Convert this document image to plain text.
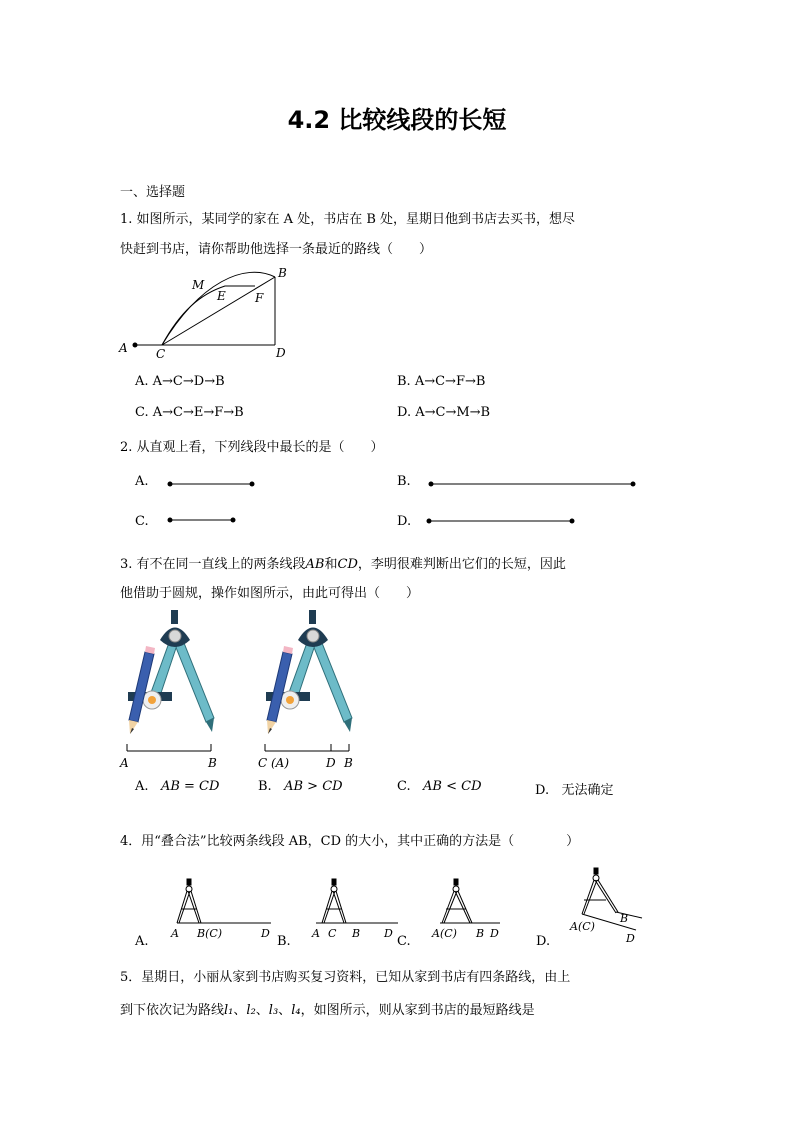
4.2 比较线段的长短
一、选择题
1. 如图所示，某同学的家在 A 处，书店在 B 处，星期日他到书店去买书，想尽
快赶到书店，请你帮助他选择一条最近的路线（　　）
A
B
C	D
M
E F
A. A→C→D→B	B. A→C→F→B
C. A→C→E→F→B	D. A→C→M→B
2. 从直观上看，下列线段中最长的是（　　）
A.	B.
C.	D.
3. 有不在同一直线上的两条线段AB和CD，李明很难判断出它们的长短，因此
他借助于圆规，操作如图所示，由此可得出（　　）
A	B	C (A)	D B
A. AB = CD	B. AB > CD	C. AB < CD	D. 无法确定
4．用“叠合法”比较两条线段 AB，CD 的大小，其中正确的方法是（　　　　）
A.
A B(C)	D
B.
A C B D
C.
A(C) B D
D.
A(C)
B
D
5．星期日，小丽从家到书店购买复习资料，已知从家到书店有四条路线，由上
到下依次记为路线l₁、l₂、l₃、l₄，如图所示，则从家到书店的最短路线是
